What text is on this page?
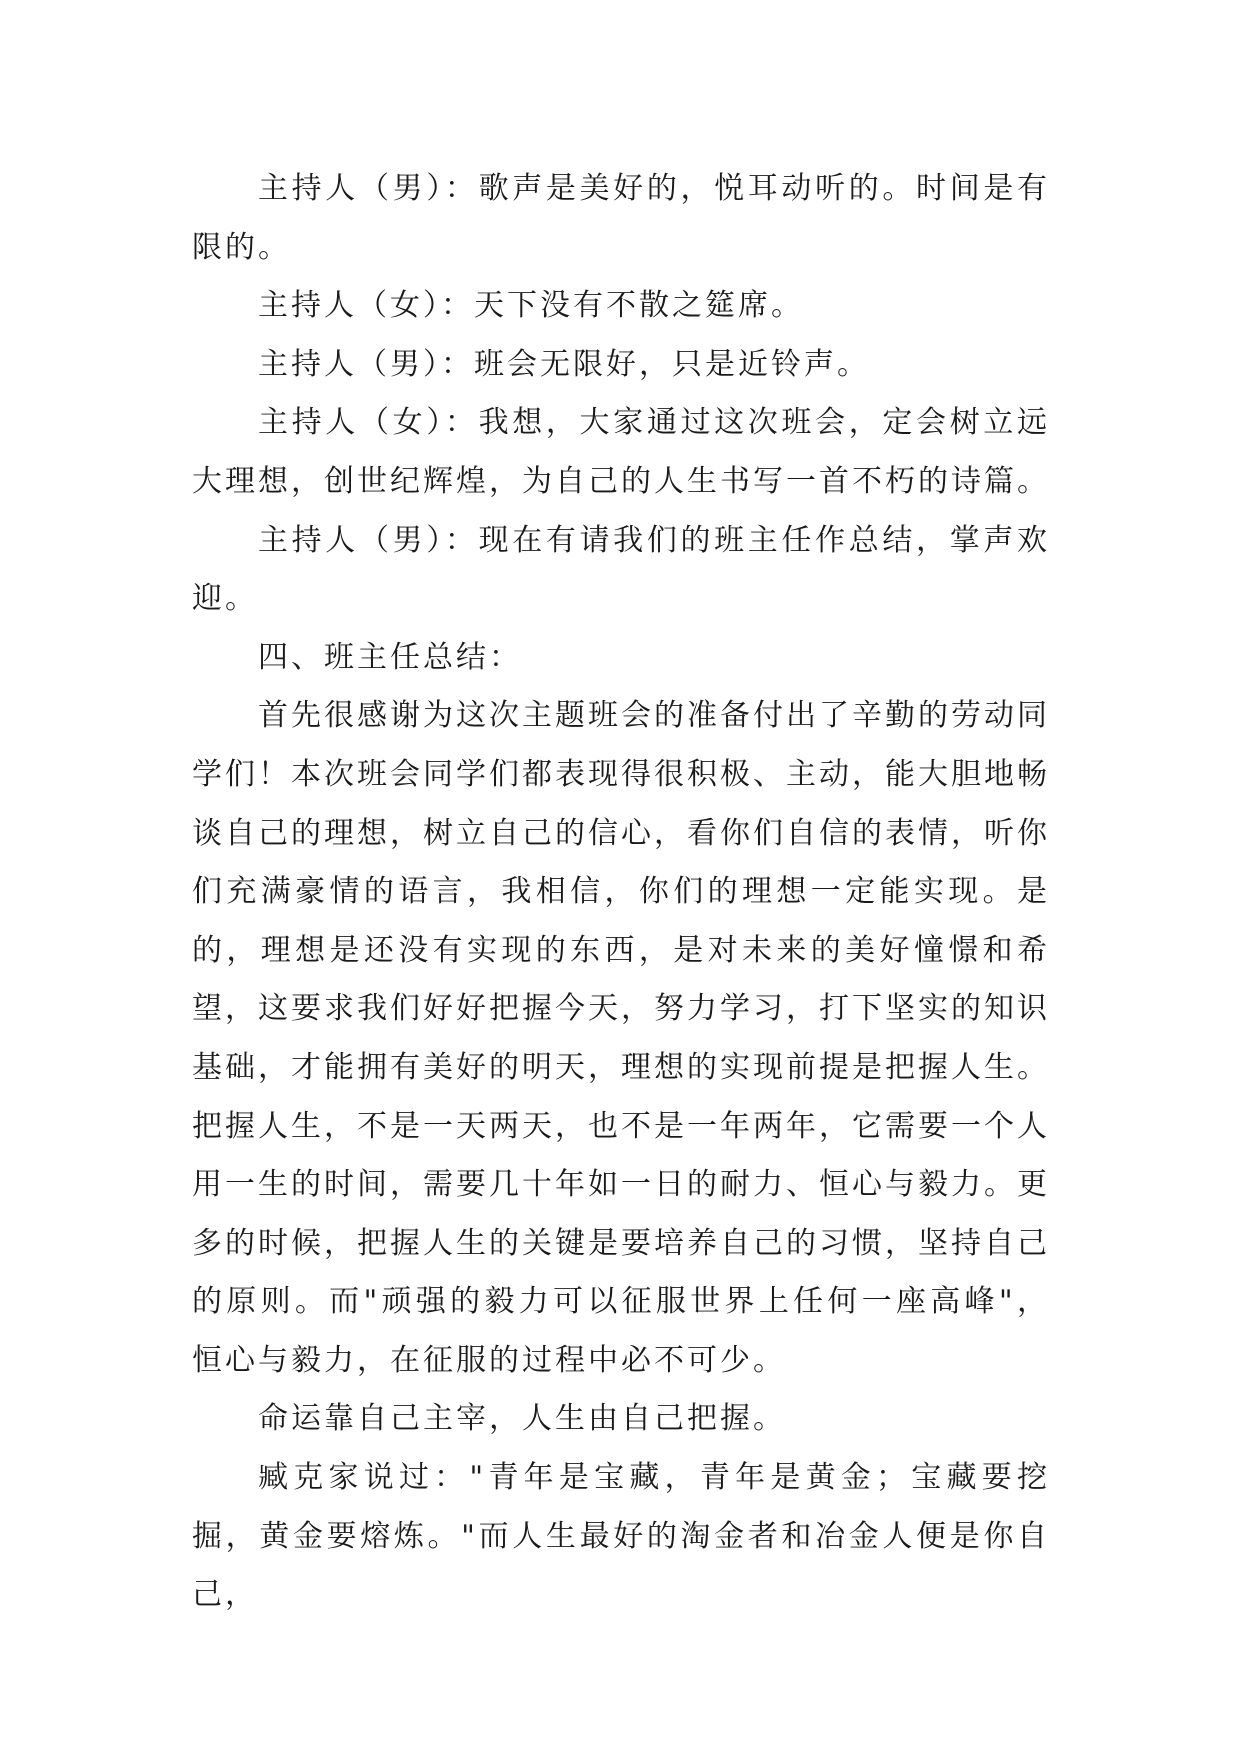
主持人（男）：歌声是美好的，悦耳动听的。时间是有限的。

主持人（女）：天下没有不散之筵席。

主持人（男）：班会无限好，只是近铃声。

主持人（女）：我想，大家通过这次班会，定会树立远大理想，创世纪辉煌，为自己的人生书写一首不朽的诗篇。

主持人（男）：现在有请我们的班主任作总结，掌声欢迎。

四、班主任总结：

首先很感谢为这次主题班会的准备付出了辛勤的劳动同学们！本次班会同学们都表现得很积极、主动，能大胆地畅谈自己的理想，树立自己的信心，看你们自信的表情，听你们充满豪情的语言，我相信，你们的理想一定能实现。是的，理想是还没有实现的东西，是对未来的美好憧憬和希望，这要求我们好好把握今天，努力学习，打下坚实的知识基础，才能拥有美好的明天，理想的实现前提是把握人生。把握人生，不是一天两天，也不是一年两年，它需要一个人用一生的时间，需要几十年如一日的耐力、恒心与毅力。更多的时候，把握人生的关键是要培养自己的习惯，坚持自己的原则。而"顽强的毅力可以征服世界上任何一座高峰"，恒心与毅力，在征服的过程中必不可少。

命运靠自己主宰，人生由自己把握。

臧克家说过："青年是宝藏，青年是黄金；宝藏要挖掘，黄金要熔炼。"而人生最好的淘金者和冶金人便是你自己，
